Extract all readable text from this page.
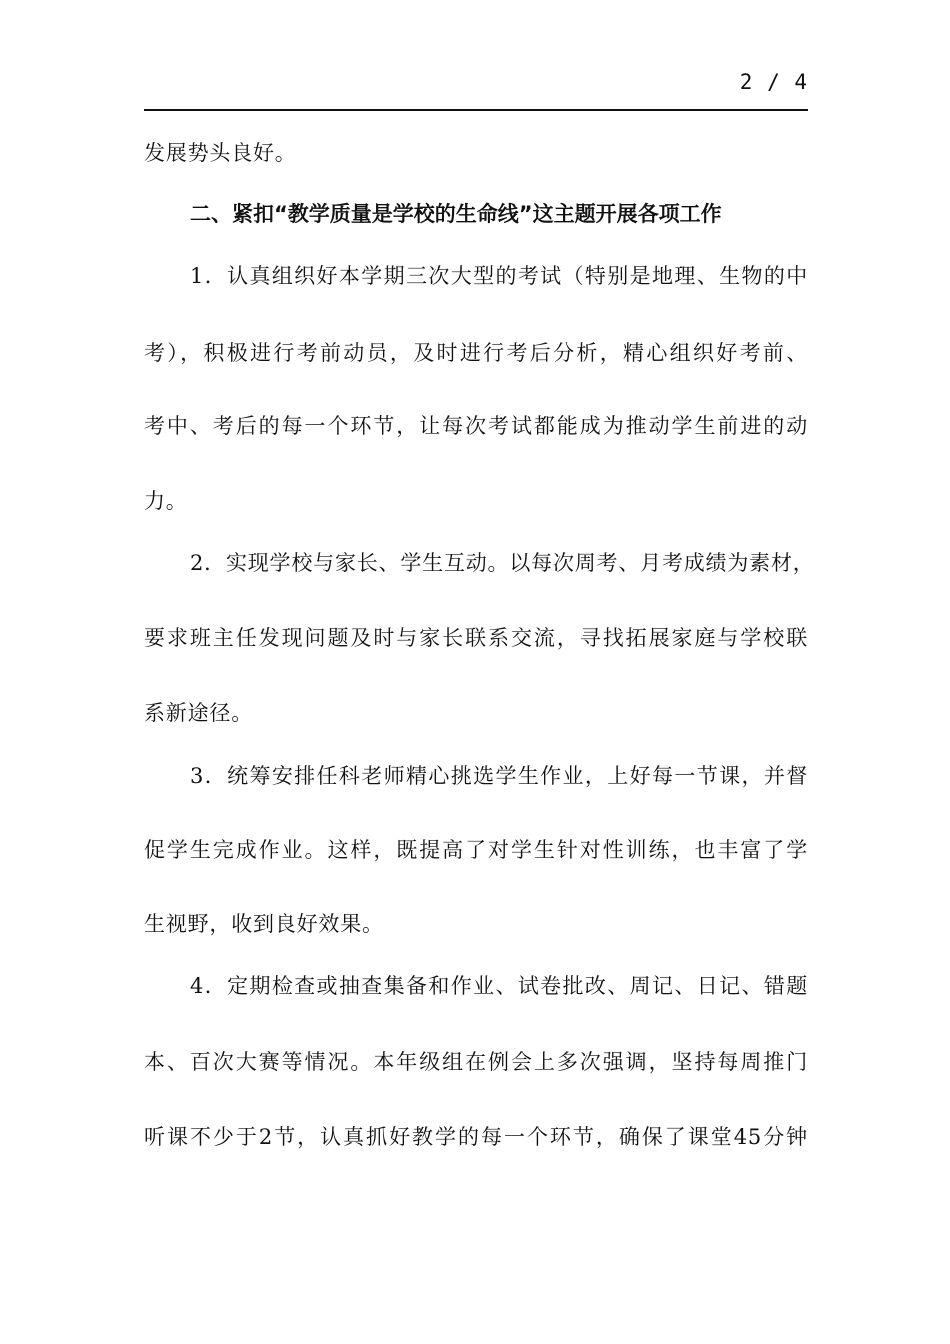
2 / 4
发展势头良好。
二、紧扣“教学质量是学校的生命线”这主题开展各项工作
1．认真组织好本学期三次大型的考试（特别是地理、生物的中
考），积极进行考前动员，及时进行考后分析，精心组织好考前、
考中、考后的每一个环节，让每次考试都能成为推动学生前进的动
力。
2．实现学校与家长、学生互动。以每次周考、月考成绩为素材，
要求班主任发现问题及时与家长联系交流，寻找拓展家庭与学校联
系新途径。
3．统筹安排任科老师精心挑选学生作业，上好每一节课，并督
促学生完成作业。这样，既提高了对学生针对性训练，也丰富了学
生视野，收到良好效果。
4．定期检查或抽查集备和作业、试卷批改、周记、日记、错题
本、百次大赛等情况。本年级组在例会上多次强调，坚持每周推门
听课不少于2节，认真抓好教学的每一个环节，确保了课堂45分钟
